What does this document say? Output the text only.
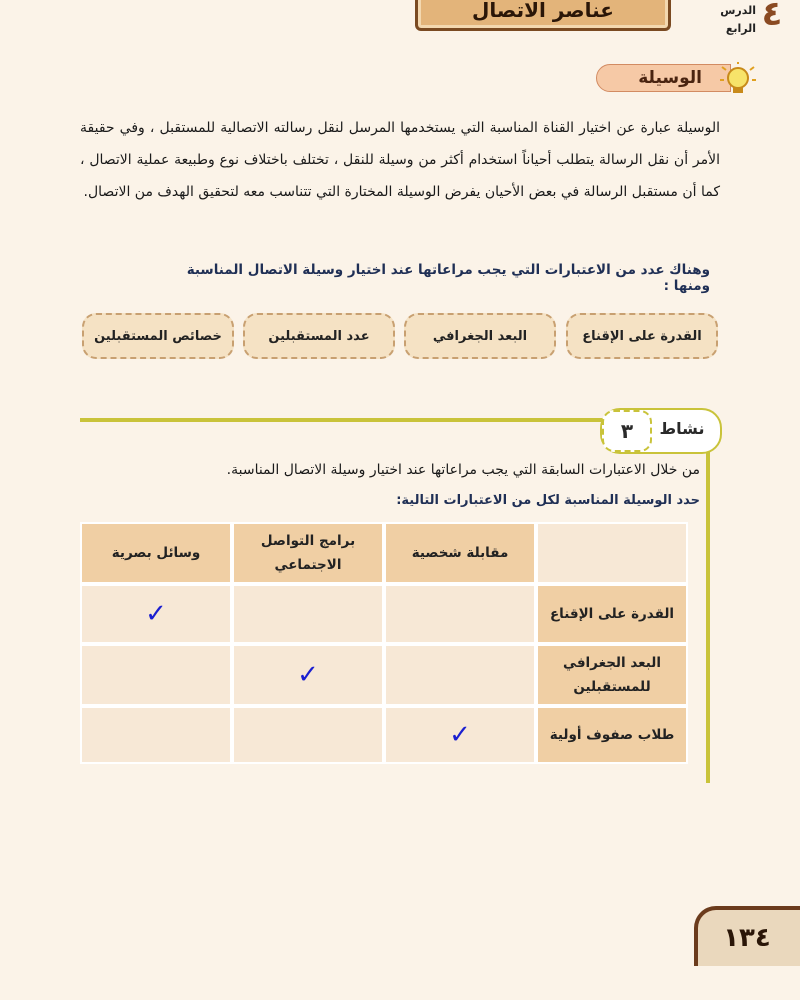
عناصر الاتصال	الدرس
الرابع ٤
الوسيلة
الوسيلة عبارة عن اختيار القناة المناسبة التي يستخدمها المرسل لنقل رسالته الاتصالية للمستقبل ، وفي حقيقة الأمر أن نقل الرسالة يتطلب أحياناً استخدام أكثر من وسيلة للنقل ، تختلف باختلاف نوع وطبيعة عملية الاتصال ، كما أن مستقبل الرسالة في بعض الأحيان يفرض الوسيلة المختارة التي تتناسب معه لتحقيق الهدف من الاتصال.
وهناك عدد من الاعتبارات التي يجب مراعاتها عند اختيار وسيلة الاتصال المناسبة ومنها :
القدرة على الإقناع
البعد الجغرافي
عدد المستقبلين
خصائص المستقبلين
نشاط
٣
من خلال الاعتبارات السابقة التي يجب مراعاتها عند اختيار وسيلة الاتصال المناسبة.
حدد الوسيلة المناسبة لكل من الاعتبارات التالية:
مقابلة شخصية
برامج التواصل الاجتماعي
وسائل بصرية
القدرة على الإقناع
✓
البعد الجغرافي للمستقبلين
✓
طلاب صفوف أولية
✓
١٣٤
